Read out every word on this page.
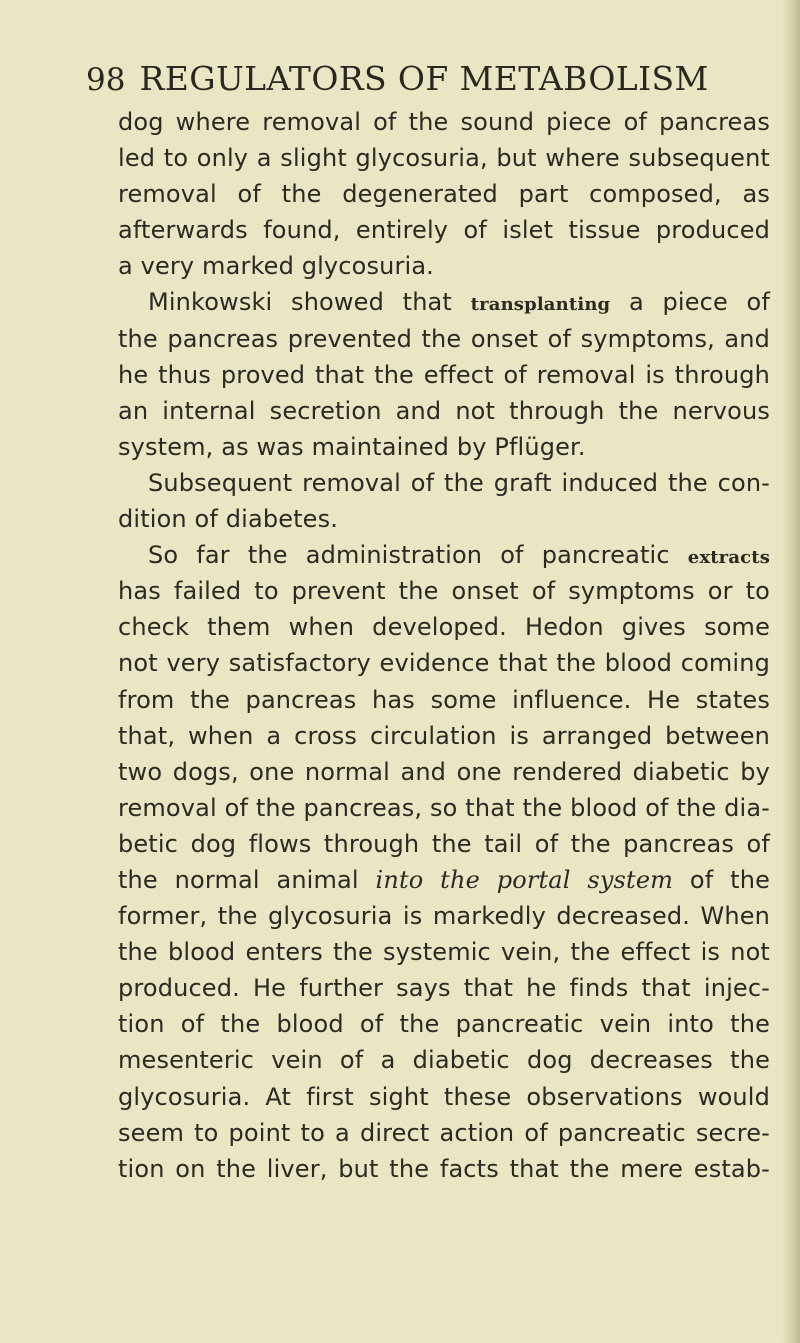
98 REGULATORS OF METABOLISM
dog where removal of the sound piece of pancreas
led to only a slight glycosuria, but where subsequent
removal of the degenerated part composed, as
afterwards found, entirely of islet tissue produced
a very marked glycosuria.
Minkowski showed that transplanting a piece of
the pancreas prevented the onset of symptoms, and
he thus proved that the effect of removal is through
an internal secretion and not through the nervous
system, as was maintained by Pflüger.
Subsequent removal of the graft induced the con-
dition of diabetes.
So far the administration of pancreatic extracts
has failed to prevent the onset of symptoms or to
check them when developed. Hedon gives some
not very satisfactory evidence that the blood coming
from the pancreas has some influence. He states
that, when a cross circulation is arranged between
two dogs, one normal and one rendered diabetic by
removal of the pancreas, so that the blood of the dia-
betic dog flows through the tail of the pancreas of
the normal animal into the portal system of the
former, the glycosuria is markedly decreased. When
the blood enters the systemic vein, the effect is not
produced. He further says that he finds that injec-
tion of the blood of the pancreatic vein into the
mesenteric vein of a diabetic dog decreases the
glycosuria. At first sight these observations would
seem to point to a direct action of pancreatic secre-
tion on the liver, but the facts that the mere estab-
